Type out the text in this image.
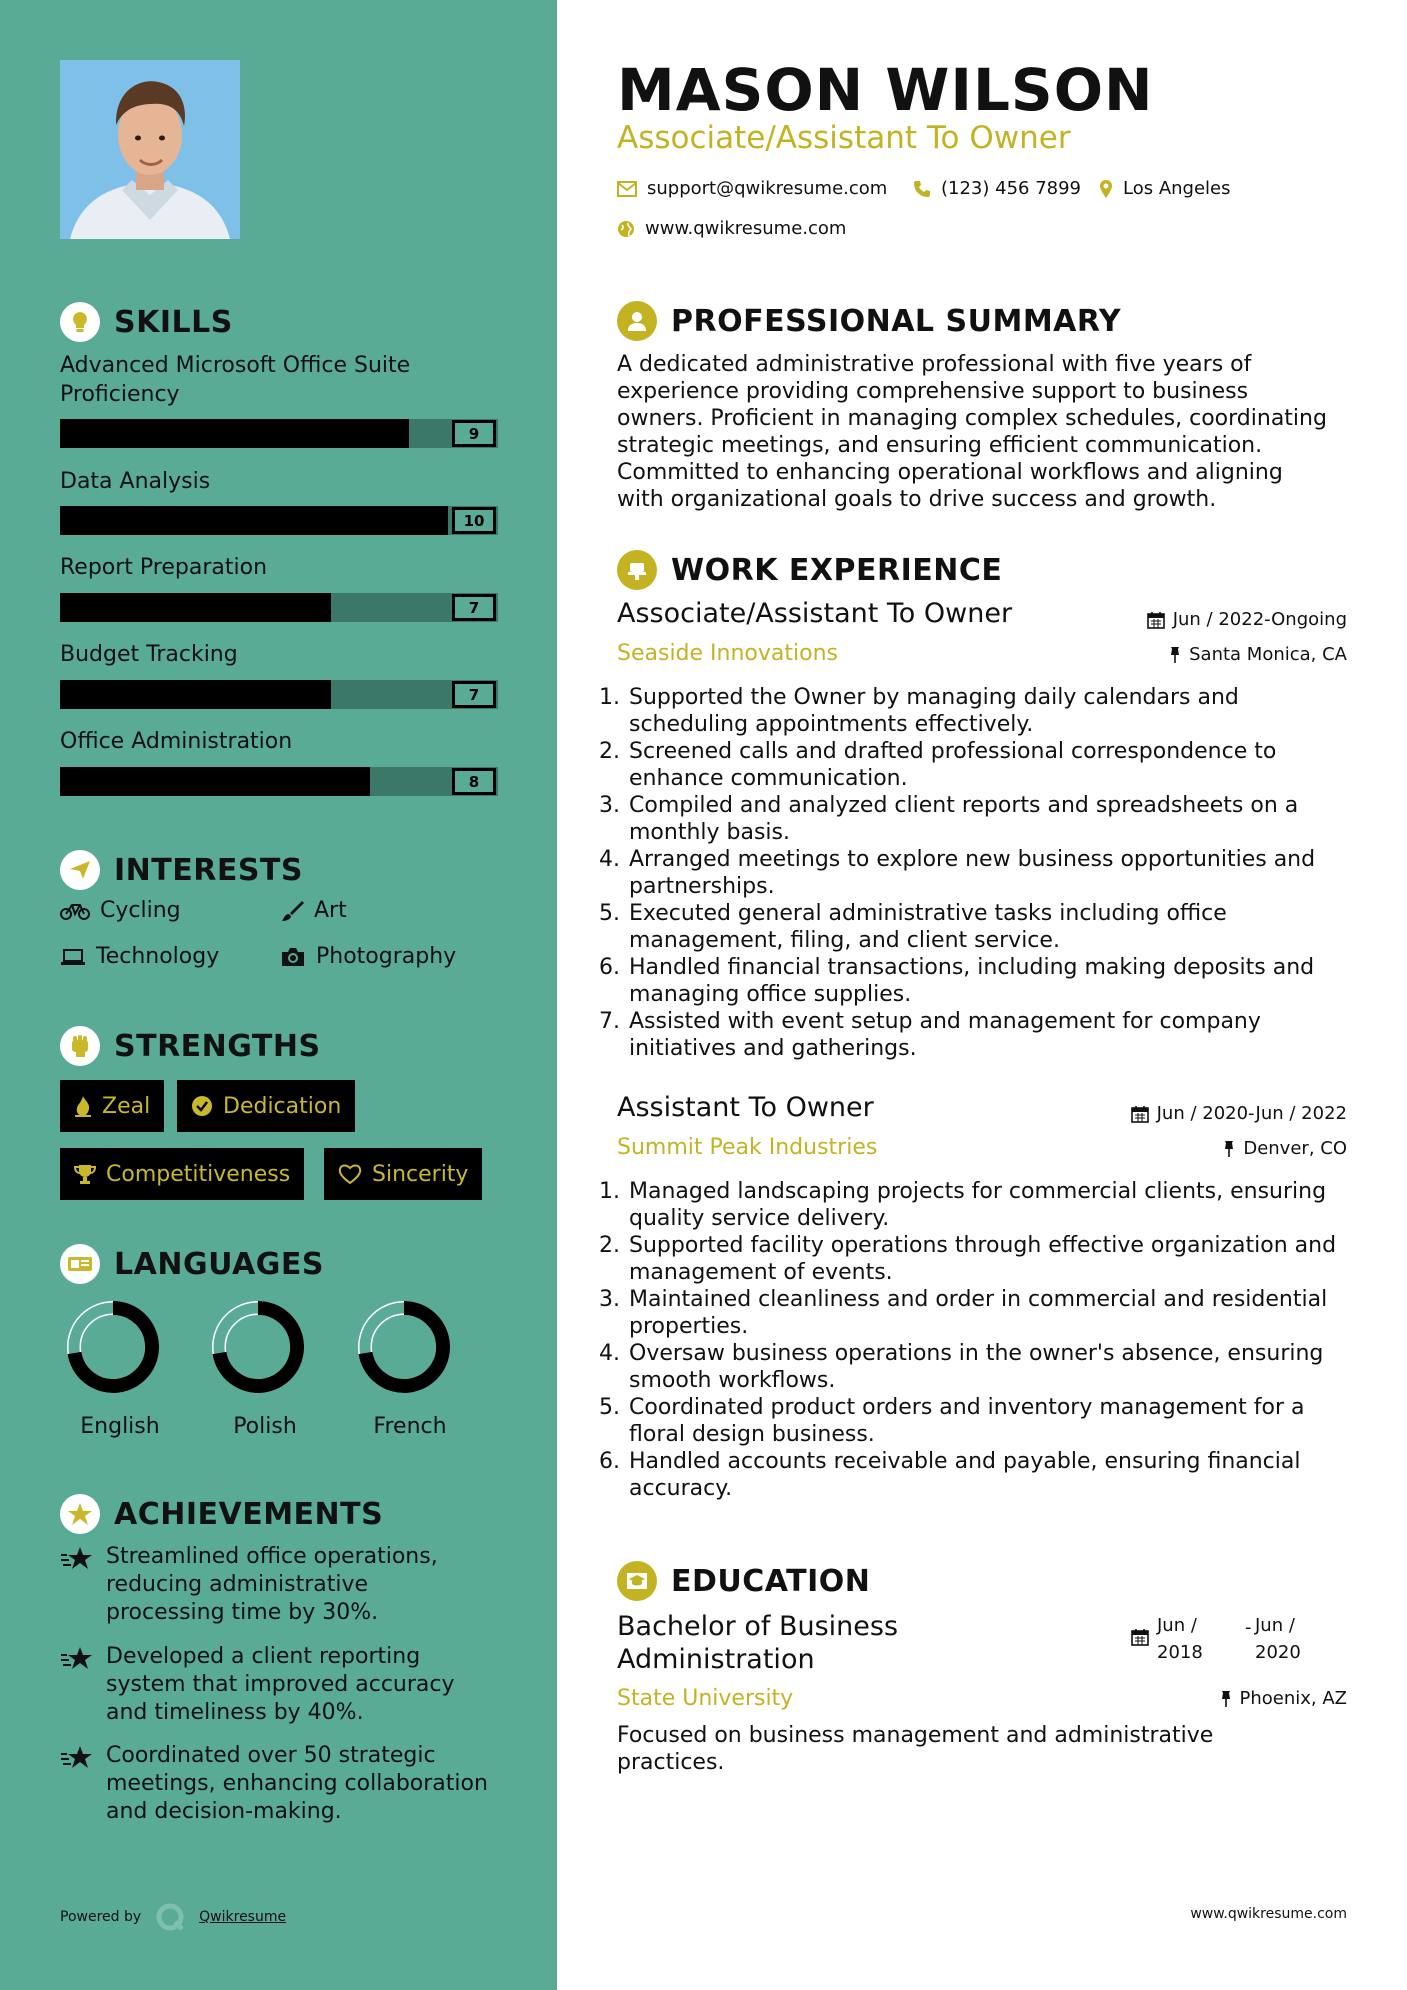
SKILLS
Advanced Microsoft Office Suite Proficiency
9
Data Analysis
10
Report Preparation
7
Budget Tracking
7
Office Administration
8
INTERESTS
Cycling	Art
Technology	Photography
STRENGTHS
Zeal	Dedication
Competitiveness	Sincerity
LANGUAGES
English	Polish	French
ACHIEVEMENTS
Streamlined office operations, reducing administrative processing time by 30%.
Developed a client reporting system that improved accuracy and timeliness by 40%.
Coordinated over 50 strategic meetings, enhancing collaboration and decision-making.
Powered by	Qwikresume
MASON WILSON
Associate/Assistant To Owner
support@qwikresume.com	(123) 456 7899 Los Angeles
www.qwikresume.com
PROFESSIONAL SUMMARY
A dedicated administrative professional with five years of
experience providing comprehensive support to business
owners. Proficient in managing complex schedules, coordinating
strategic meetings, and ensuring efficient communication.
Committed to enhancing operational workflows and aligning
with organizational goals to drive success and growth.
WORK EXPERIENCE
Associate/Assistant To Owner
Seaside Innovations
Jun / 2022-Ongoing
Santa Monica, CA
1. Supported the Owner by managing daily calendars and scheduling appointments effectively.
2. Screened calls and drafted professional correspondence to enhance communication.
3. Compiled and analyzed client reports and spreadsheets on a monthly basis.
4. Arranged meetings to explore new business opportunities and partnerships.
5. Executed general administrative tasks including office management, filing, and client service.
6. Handled financial transactions, including making deposits and managing office supplies.
7. Assisted with event setup and management for company initiatives and gatherings.
Assistant To Owner
Summit Peak Industries
Jun / 2020-Jun / 2022
Denver, CO
1. Managed landscaping projects for commercial clients, ensuring quality service delivery.
2. Supported facility operations through effective organization and management of events.
3. Maintained cleanliness and order in commercial and residential properties.
4. Oversaw business operations in the owner's absence, ensuring smooth workflows.
5. Coordinated product orders and inventory management for a floral design business.
6. Handled accounts receivable and payable, ensuring financial accuracy.
EDUCATION
Bachelor of Business
Administration
State University
Jun /
2018
- Jun /
2020
Phoenix, AZ
Focused on business management and administrative
practices.
www.qwikresume.com
